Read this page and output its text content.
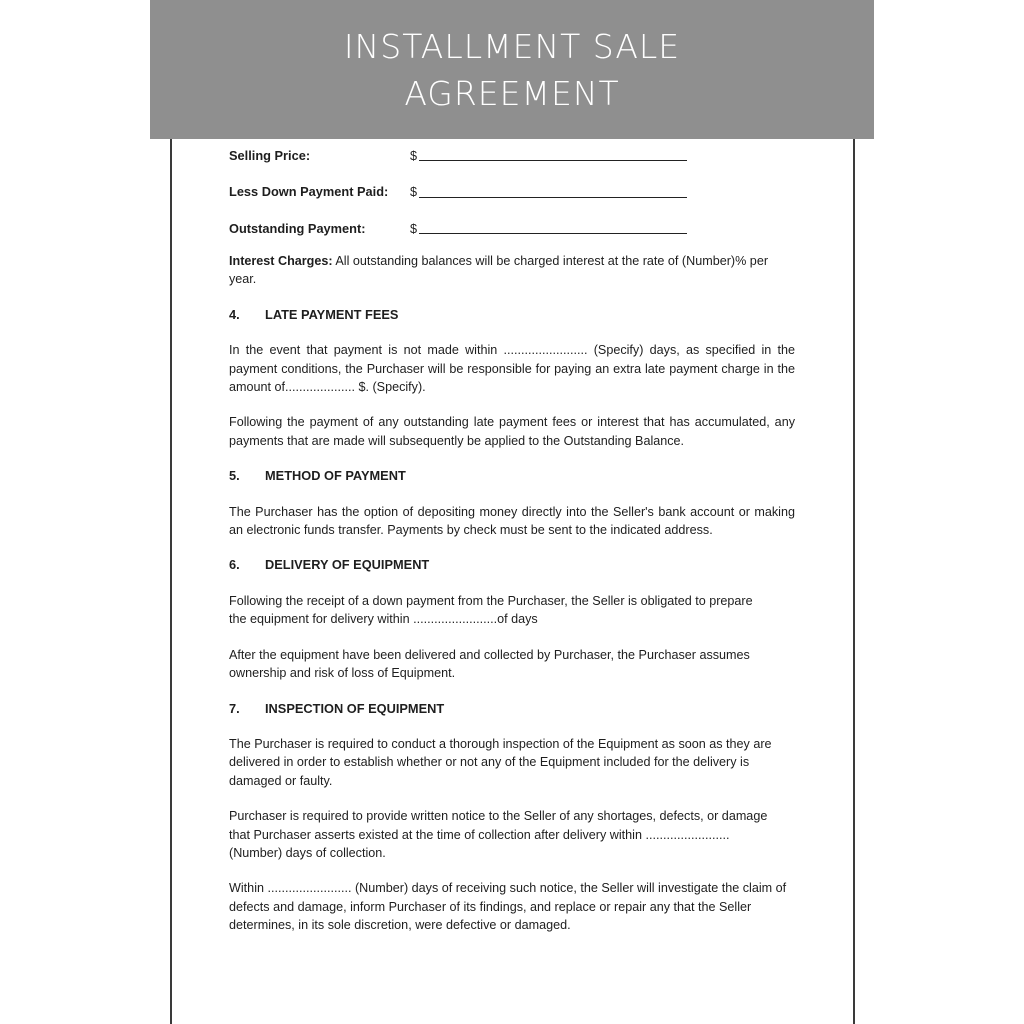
INSTALLMENT SALE
AGREEMENT
Selling Price:	$
Less Down Payment Paid:	$
Outstanding Payment:	$

Interest Charges: All outstanding balances will be charged interest at the rate of (Number)% per year.

4.	LATE PAYMENT FEES

In the event that payment is not made within ........................ (Specify) days, as specified in the payment conditions, the Purchaser will be responsible for paying an extra late payment charge in the amount of.................... $. (Specify).

Following the payment of any outstanding late payment fees or interest that has accumulated, any payments that are made will subsequently be applied to the Outstanding Balance.

5.	METHOD OF PAYMENT

The Purchaser has the option of depositing money directly into the Seller's bank account or making an electronic funds transfer. Payments by check must be sent to the indicated address.

6.	DELIVERY OF EQUIPMENT

Following the receipt of a down payment from the Purchaser, the Seller is obligated to prepare the equipment for delivery within ........................of days

After the equipment have been delivered and collected by Purchaser, the Purchaser assumes ownership and risk of loss of Equipment.

7.	INSPECTION OF EQUIPMENT

The Purchaser is required to conduct a thorough inspection of the Equipment as soon as they are delivered in order to establish whether or not any of the Equipment included for the delivery is damaged or faulty.

Purchaser is required to provide written notice to the Seller of any shortages, defects, or damage that Purchaser asserts existed at the time of collection after delivery within ........................ (Number) days of collection.

Within ........................ (Number) days of receiving such notice, the Seller will investigate the claim of defects and damage, inform Purchaser of its findings, and replace or repair any that the Seller determines, in its sole discretion, were defective or damaged.
